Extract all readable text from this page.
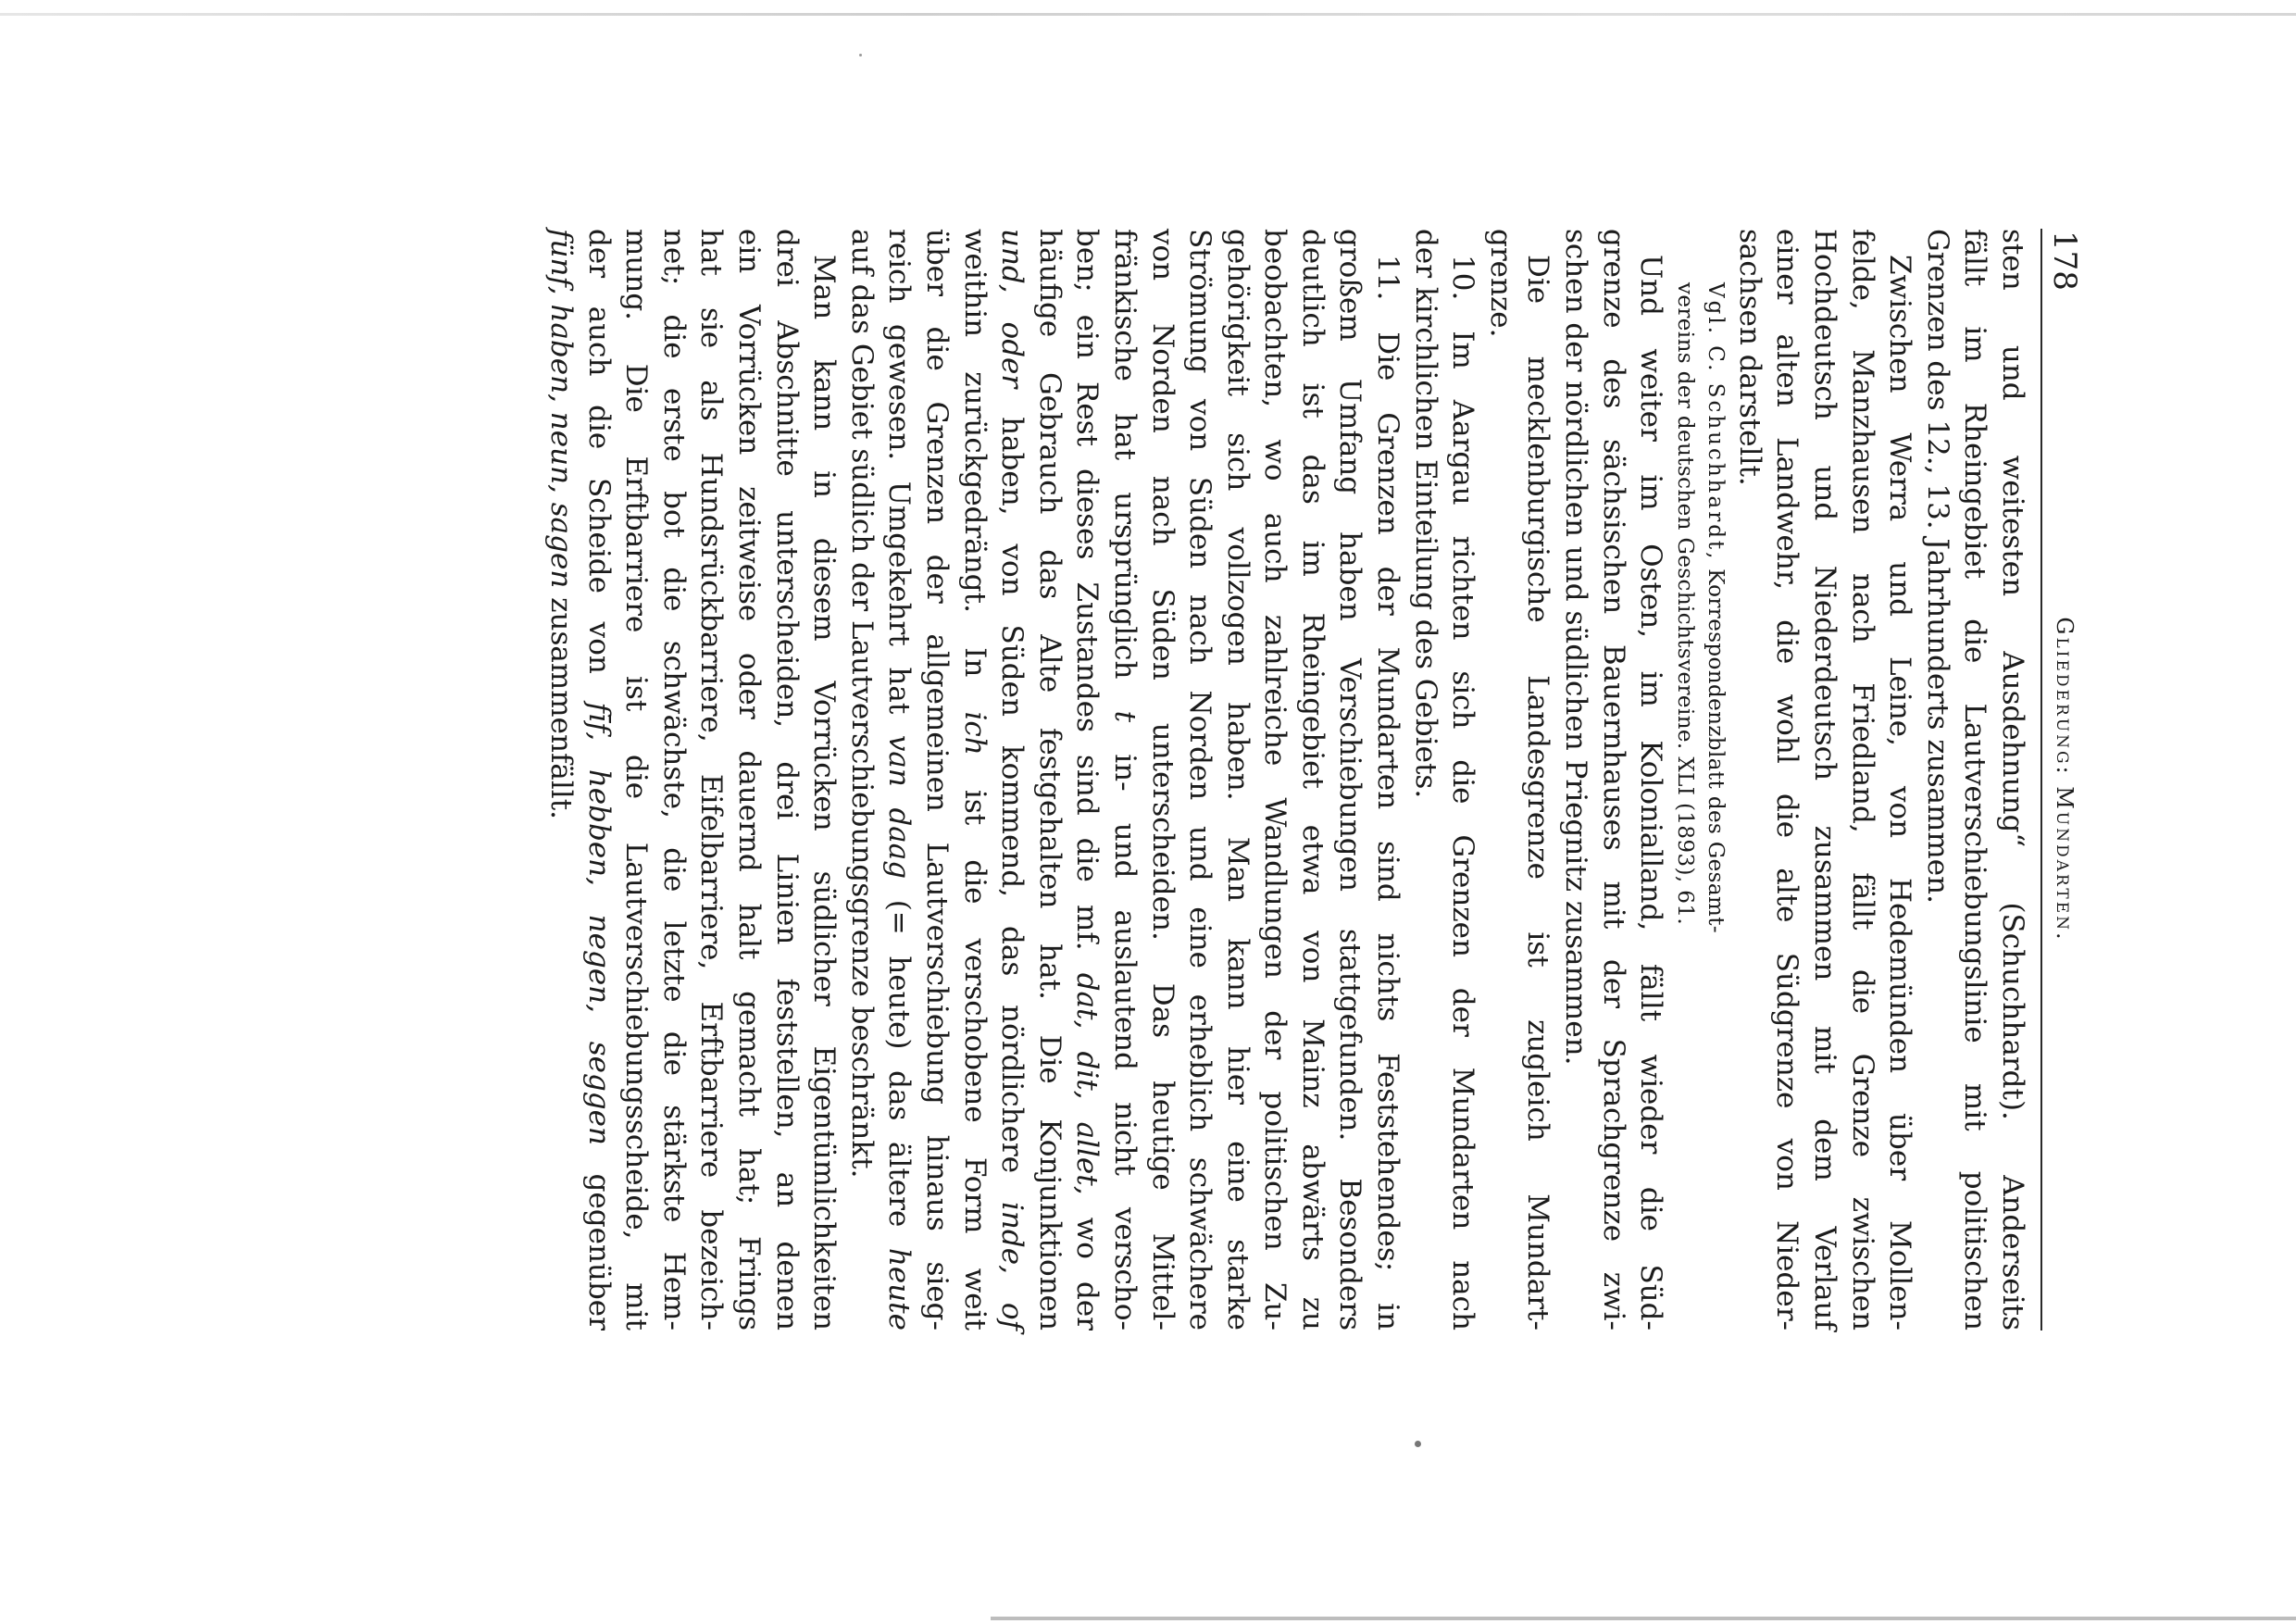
178
Gliederung: Mundarten.

sten und weitesten Ausdehnung“ (Schuchhardt). Anderseits
fällt im Rheingebiet die Lautverschiebungslinie mit politischen
Grenzen des 12., 13. Jahrhunderts zusammen.

Zwischen Werra und Leine, von Hedemünden über Mollen-
felde, Manzhausen nach Friedland, fällt die Grenze zwischen
Hochdeutsch und Niederdeutsch zusammen mit dem Verlauf
einer alten Landwehr, die wohl die alte Südgrenze von Nieder-
sachsen darstellt.

Vgl. C. Schuchhardt, Korrespondenzblatt des Gesamt-
vereins der deutschen Geschichtsvereine. XLI (1893), 61.

Und weiter im Osten, im Kolonialland, fällt wieder die Süd-
grenze des sächsischen Bauernhauses mit der Sprachgrenze zwi-
schen der nördlichen und südlichen Priegnitz zusammen.

Die mecklenburgische Landesgrenze ist zugleich Mundart-
grenze.

10. Im Aargau richten sich die Grenzen der Mundarten nach
der kirchlichen Einteilung des Gebiets.

11. Die Grenzen der Mundarten sind nichts Feststehendes; in
großem Umfang haben Verschiebungen stattgefunden. Besonders
deutlich ist das im Rheingebiet etwa von Mainz abwärts zu
beobachten, wo auch zahlreiche Wandlungen der politischen Zu-
gehörigkeit sich vollzogen haben. Man kann hier eine starke
Strömung von Süden nach Norden und eine erheblich schwächere
von Norden nach Süden unterscheiden. Das heutige Mittel-
fränkische hat ursprünglich t in- und auslautend nicht verscho-
ben; ein Rest dieses Zustandes sind die mf. dat, dit, allet, wo der
häufige Gebrauch das Alte festgehalten hat. Die Konjunktionen
und, oder haben, von Süden kommend, das nördlichere inde, of
weithin zurückgedrängt. In ich ist die verschobene Form weit
über die Grenzen der allgemeinen Lautverschiebung hinaus sieg-
reich gewesen. Umgekehrt hat van daag (= heute) das ältere heute
auf das Gebiet südlich der Lautverschiebungsgrenze beschränkt.

Man kann in diesem Vorrücken südlicher Eigentümlichkeiten
drei Abschnitte unterscheiden, drei Linien feststellen, an denen
ein Vorrücken zeitweise oder dauernd halt gemacht hat; Frings
hat sie als Hundsrückbarriere, Eifelbarriere, Erftbarriere bezeich-
net; die erste bot die schwächste, die letzte die stärkste Hem-
mung. Die Erftbarriere ist die Lautverschiebungsscheide, mit
der auch die Scheide von fīf, hebben, negen, seggen gegenüber
fünf, haben, neun, sagen zusammenfällt.
